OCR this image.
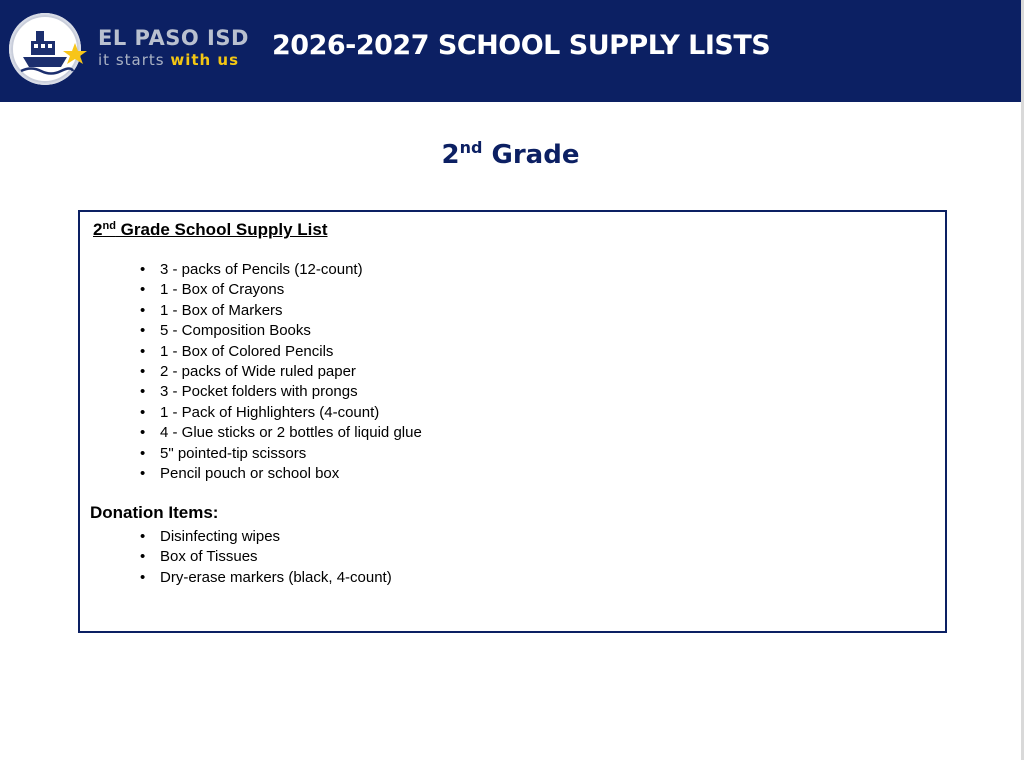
EL PASO ISD
it starts with us	2026-2027 SCHOOL SUPPLY LISTS
2nd Grade
2nd Grade School Supply List
• 3 - packs of Pencils (12-count)
• 1 - Box of Crayons
• 1 - Box of Markers
• 5 - Composition Books
• 1 - Box of Colored Pencils
• 2 - packs of Wide ruled paper
• 3 - Pocket folders with prongs
• 1 - Pack of Highlighters (4-count)
• 4 - Glue sticks or 2 bottles of liquid glue
• 5" pointed-tip scissors
• Pencil pouch or school box
Donation Items:
• Disinfecting wipes
• Box of Tissues
• Dry-erase markers (black, 4-count)
